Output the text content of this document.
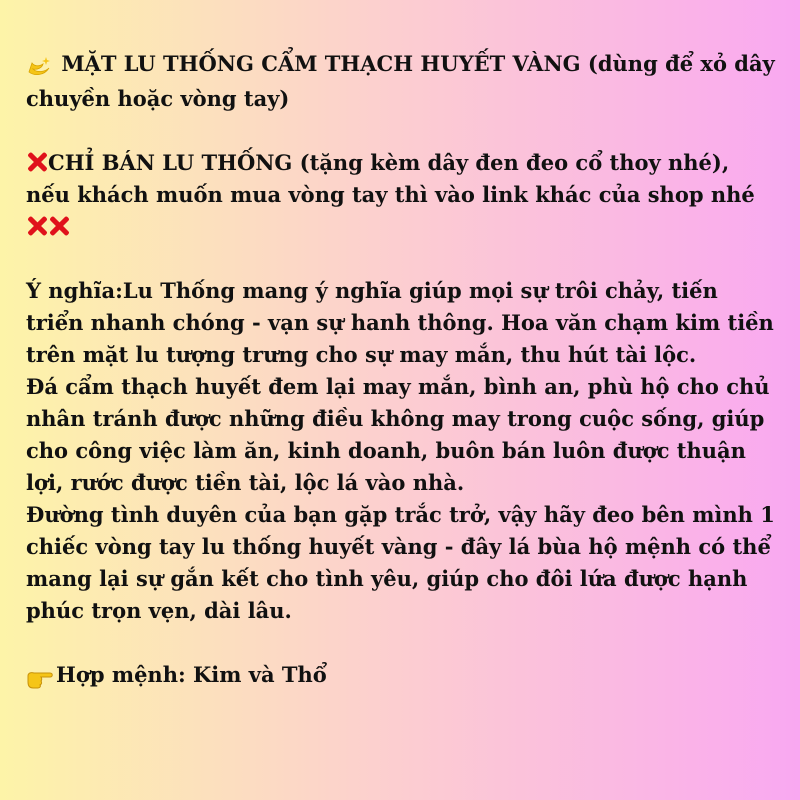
MẶT LU THỐNG CẨM THẠCH HUYẾT VÀNG (dùng để xỏ dây chuyền hoặc vòng tay)

CHỈ BÁN LU THỐNG (tặng kèm dây đen đeo cổ thoy nhé), nếu khách muốn mua vòng tay thì vào link khác của shop nhé

Ý nghĩa:Lu Thống mang ý nghĩa giúp mọi sự trôi chảy, tiến triển nhanh chóng - vạn sự hanh thông. Hoa văn chạm kim tiền trên mặt lu tượng trưng cho sự may mắn, thu hút tài lộc.

Đá cẩm thạch huyết đem lại may mắn, bình an, phù hộ cho chủ nhân tránh được những điều không may trong cuộc sống, giúp cho công việc làm ăn, kinh doanh, buôn bán luôn được thuận lợi, rước được tiền tài, lộc lá vào nhà.

Đường tình duyên của bạn gặp trắc trở, vậy hãy đeo bên mình 1 chiếc vòng tay lu thống huyết vàng - đây lá bùa hộ mệnh có thể mang lại sự gắn kết cho tình yêu, giúp cho đôi lứa được hạnh phúc trọn vẹn, dài lâu.

Hợp mệnh: Kim và Thổ
